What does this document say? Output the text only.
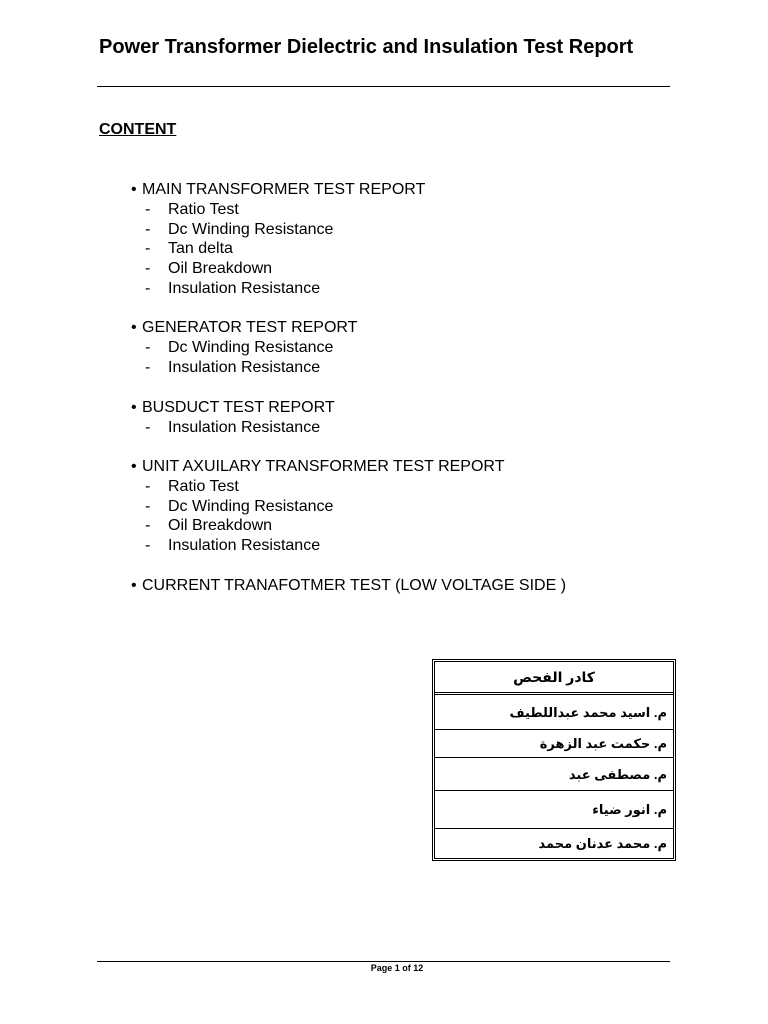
Power Transformer Dielectric and Insulation Test Report
CONTENT
• MAIN TRANSFORMER TEST REPORT
- Ratio Test
- Dc Winding Resistance
- Tan delta
- Oil Breakdown
- Insulation Resistance
• GENERATOR TEST REPORT
- Dc Winding Resistance
- Insulation Resistance
• BUSDUCT TEST REPORT
- Insulation Resistance
• UNIT AXUILARY TRANSFORMER TEST REPORT
- Ratio Test
- Dc Winding Resistance
- Oil Breakdown
- Insulation Resistance
• CURRENT TRANAFOTMER TEST (LOW VOLTAGE SIDE )
كادر الفحص
م. اسيد محمد عبداللطيف
م. حكمت عبد الزهرة
م. مصطفى عبد
م. انور ضياء
م. محمد عدنان محمد
Page 1 of 12
